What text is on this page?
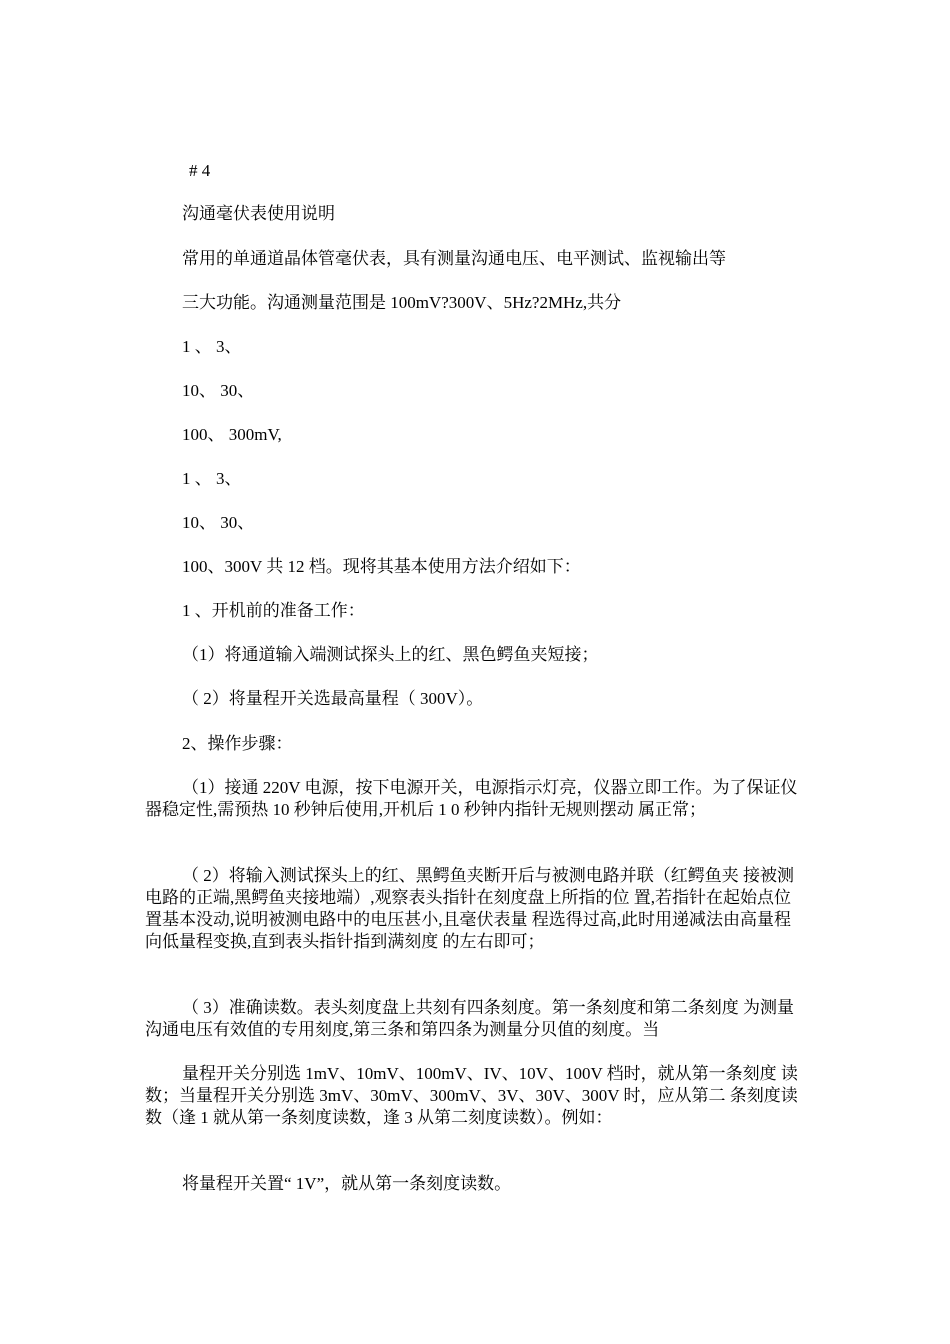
# 4

沟通毫伏表使用说明

常用的单通道晶体管毫伏表，具有测量沟通电压、电平测试、监视输出等

三大功能。沟通测量范围是 100mV?300V、5Hz?2MHz,共分

1 、 3、

10、 30、

100、 300mV,

1 、 3、

10、 30、

100、300V 共 12 档。现将其基本使用方法介绍如下：

1 、开机前的准备工作：

（1）将通道输入端测试探头上的红、黑色鳄鱼夹短接；

（ 2）将量程开关选最高量程（ 300V）。

2、操作步骤：

（1）接通 220V 电源，按下电源开关，电源指示灯亮，仪器立即工作。为了保证仪器稳定性,需预热 10 秒钟后使用,开机后 1 0 秒钟内指针无规则摆动 属正常；

（ 2）将输入测试探头上的红、黑鳄鱼夹断开后与被测电路并联（红鳄鱼夹 接被测电路的正端,黑鳄鱼夹接地端）,观察表头指针在刻度盘上所指的位 置,若指针在起始点位置基本没动,说明被测电路中的电压甚小,且毫伏表量 程选得过高,此时用递减法由高量程向低量程变换,直到表头指针指到满刻度 的左右即可；

（ 3）准确读数。表头刻度盘上共刻有四条刻度。第一条刻度和第二条刻度 为测量沟通电压有效值的专用刻度,第三条和第四条为测量分贝值的刻度。当

量程开关分别选 1mV、10mV、100mV、IV、10V、100V 档时，就从第一条刻度 读数；当量程开关分别选 3mV、30mV、300mV、3V、30V、300V 时，应从第二 条刻度读数（逢 1 就从第一条刻度读数，逢 3 从第二刻度读数）。例如：

将量程开关置“ 1V”，就从第一条刻度读数。
